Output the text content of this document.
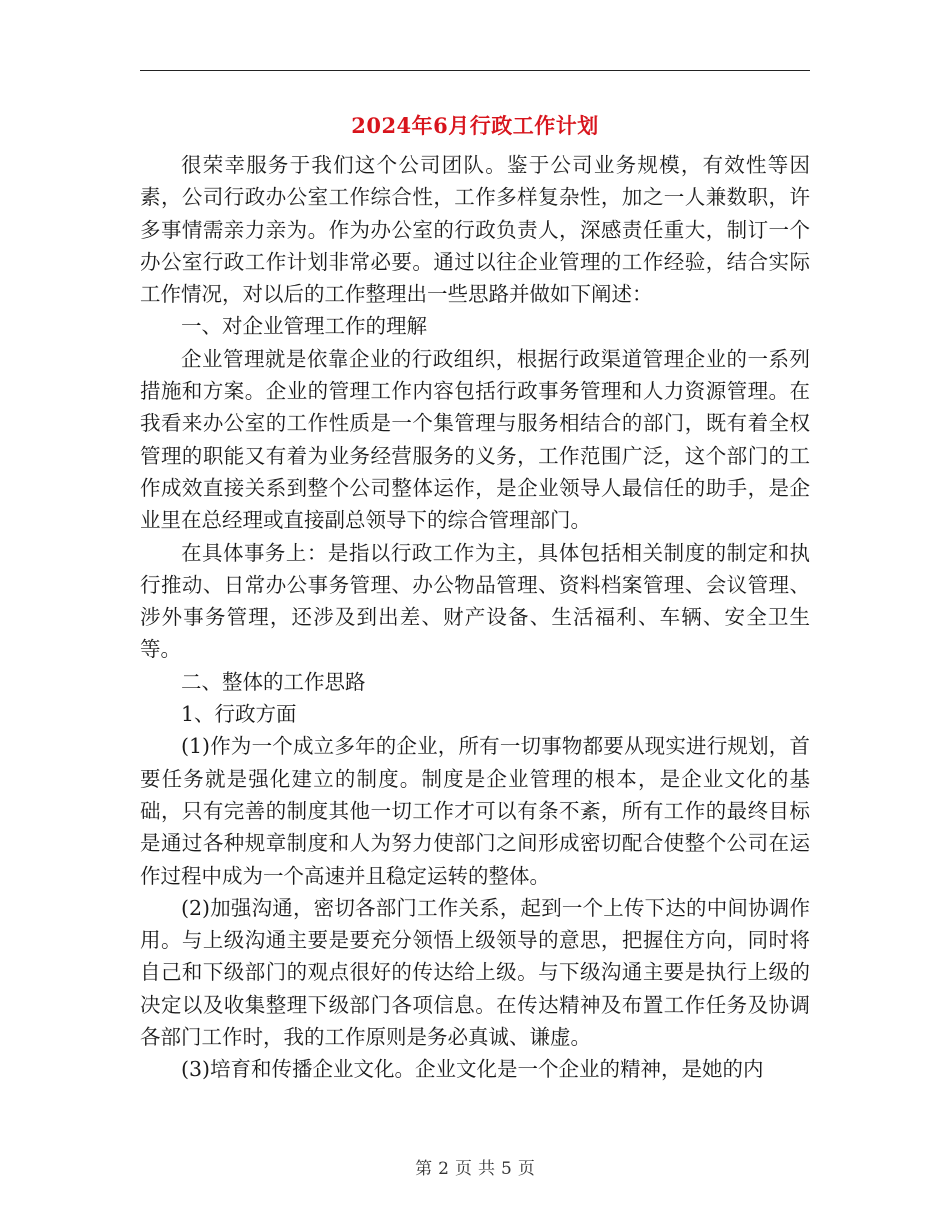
2024年6月行政工作计划

很荣幸服务于我们这个公司团队。鉴于公司业务规模，有效性等因素，公司行政办公室工作综合性，工作多样复杂性，加之一人兼数职，许多事情需亲力亲为。作为办公室的行政负责人，深感责任重大，制订一个办公室行政工作计划非常必要。通过以往企业管理的工作经验，结合实际工作情况，对以后的工作整理出一些思路并做如下阐述：

一、对企业管理工作的理解

企业管理就是依靠企业的行政组织，根据行政渠道管理企业的一系列措施和方案。企业的管理工作内容包括行政事务管理和人力资源管理。在我看来办公室的工作性质是一个集管理与服务相结合的部门，既有着全权管理的职能又有着为业务经营服务的义务，工作范围广泛，这个部门的工作成效直接关系到整个公司整体运作，是企业领导人最信任的助手，是企业里在总经理或直接副总领导下的综合管理部门。

在具体事务上：是指以行政工作为主，具体包括相关制度的制定和执行推动、日常办公事务管理、办公物品管理、资料档案管理、会议管理、涉外事务管理，还涉及到出差、财产设备、生活福利、车辆、安全卫生等。

二、整体的工作思路

1、行政方面

(1)作为一个成立多年的企业，所有一切事物都要从现实进行规划，首要任务就是强化建立的制度。制度是企业管理的根本，是企业文化的基础，只有完善的制度其他一切工作才可以有条不紊，所有工作的最终目标是通过各种规章制度和人为努力使部门之间形成密切配合使整个公司在运作过程中成为一个高速并且稳定运转的整体。

(2)加强沟通，密切各部门工作关系，起到一个上传下达的中间协调作用。与上级沟通主要是要充分领悟上级领导的意思，把握住方向，同时将自己和下级部门的观点很好的传达给上级。与下级沟通主要是执行上级的决定以及收集整理下级部门各项信息。在传达精神及布置工作任务及协调各部门工作时，我的工作原则是务必真诚、谦虚。

(3)培育和传播企业文化。企业文化是一个企业的精神，是她的内

第 2 页 共 5 页
